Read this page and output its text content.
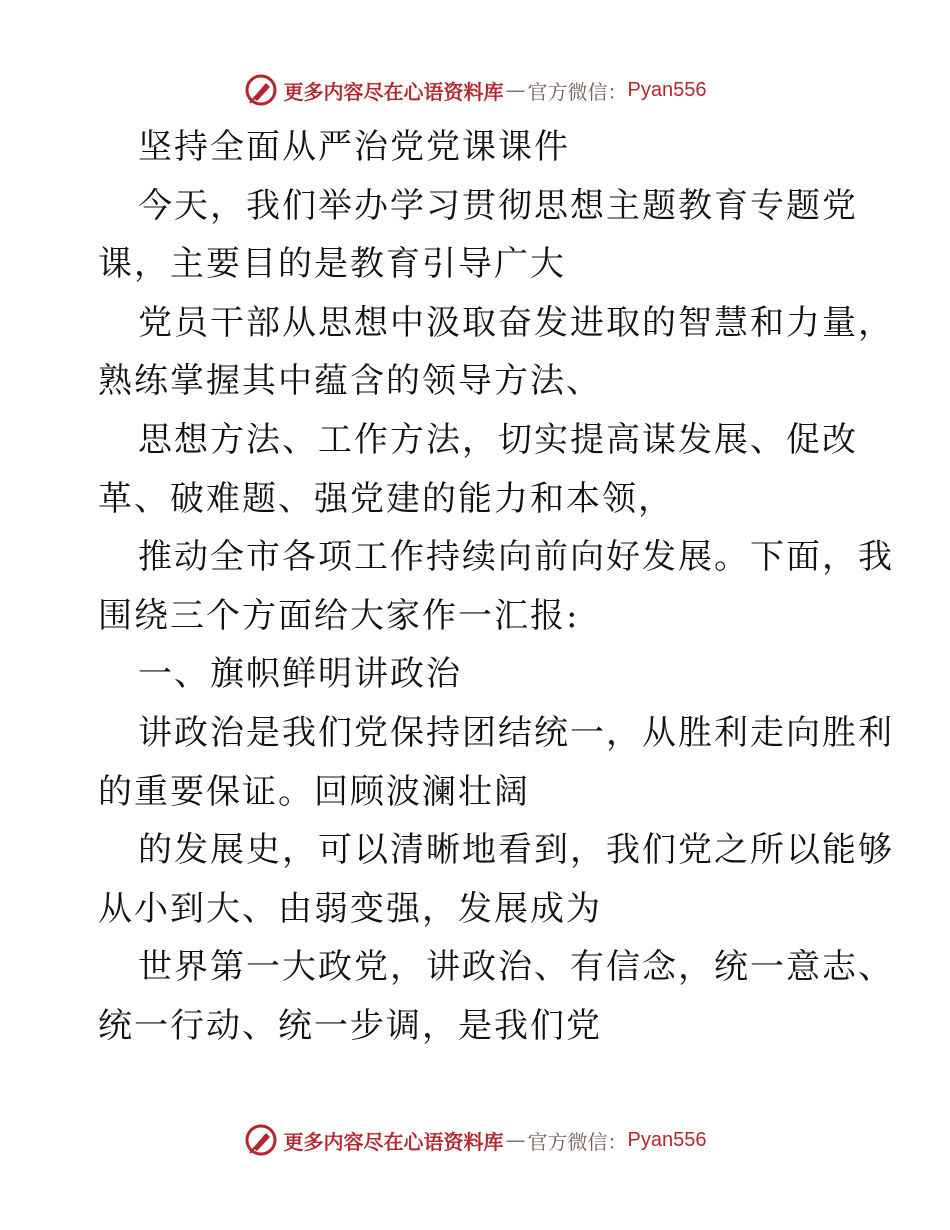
更多内容尽在心语资料库 — 官方微信： Pyan556
坚持全面从严治党党课课件
今天，我们举办学习贯彻思想主题教育专题党
课，主要目的是教育引导广大
党员干部从思想中汲取奋发进取的智慧和力量，
熟练掌握其中蕴含的领导方法、
思想方法、工作方法，切实提高谋发展、促改
革、破难题、强党建的能力和本领，
推动全市各项工作持续向前向好发展。下面，我
围绕三个方面给大家作一汇报:
一、旗帜鲜明讲政治
讲政治是我们党保持团结统一，从胜利走向胜利
的重要保证。回顾波澜壮阔
的发展史，可以清晰地看到，我们党之所以能够
从小到大、由弱变强，发展成为
世界第一大政党，讲政治、有信念，统一意志、
统一行动、统一步调，是我们党
更多内容尽在心语资料库 — 官方微信： Pyan556
